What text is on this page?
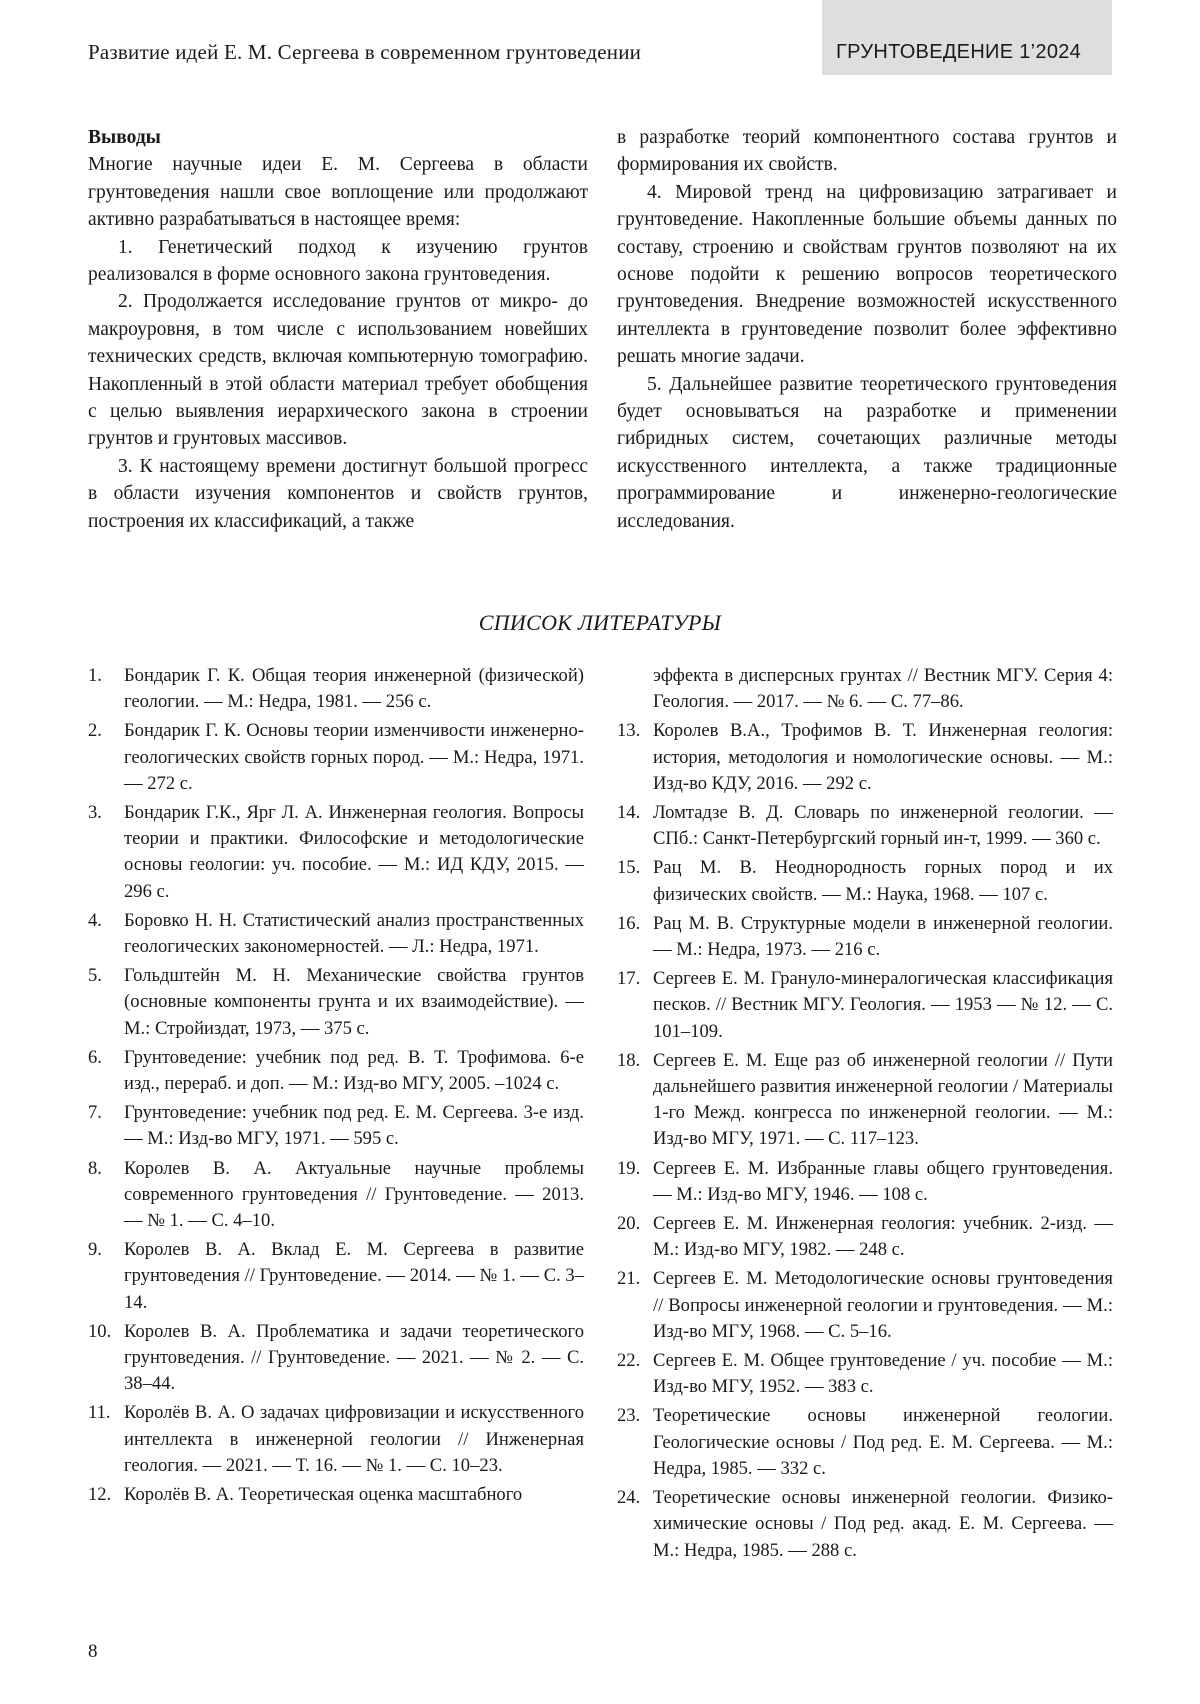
Развитие идей Е. М. Сергеева в современном грунтоведении	ГРУНТОВЕДЕНИЕ 1’2024

Выводы

Многие научные идеи Е. М. Сергеева в области грунтоведения нашли свое воплощение или продолжают активно разрабатываться в настоящее время:

1. Генетический подход к изучению грунтов реализовался в форме основного закона грунтоведения.

2. Продолжается исследование грунтов от микро- до макроуровня, в том числе с использованием новейших технических средств, включая компьютерную томографию. Накопленный в этой области материал требует обобщения с целью выявления иерархического закона в строении грунтов и грунтовых массивов.

3. К настоящему времени достигнут большой прогресс в области изучения компонентов и свойств грунтов, построения их классификаций, а также

в разработке теорий компонентного состава грунтов и формирования их свойств.

4. Мировой тренд на цифровизацию затрагивает и грунтоведение. Накопленные большие объемы данных по составу, строению и свойствам грунтов позволяют на их основе подойти к решению вопросов теоретического грунтоведения. Внедрение возможностей искусственного интеллекта в грунтоведение позволит более эффективно решать многие задачи.

5. Дальнейшее развитие теоретического грунтоведения будет основываться на разработке и применении гибридных систем, сочетающих различные методы искусственного интеллекта, а также традиционные программирование и инженерно-геологические исследования.

СПИСОК ЛИТЕРАТУРЫ
1.	Бондарик Г. К. Общая теория инженерной (физической) геологии. — М.: Недра, 1981. — 256 с.
2.	Бондарик Г. К. Основы теории изменчивости инженерно-геологических свойств горных пород. — М.: Недра, 1971. — 272 с.
3.	Бондарик Г.К., Ярг Л. А. Инженерная геология. Вопросы теории и практики. Философские и методологические основы геологии: уч. пособие. — М.: ИД КДУ, 2015. — 296 с.
4.	Боровко Н. Н. Статистический анализ пространственных геологических закономерностей. — Л.: Недра, 1971.
5.	Гольдштейн М. Н. Механические свойства грунтов (основные компоненты грунта и их взаимодействие). — М.: Стройиздат, 1973, — 375 с.
6.	Грунтоведение: учебник под ред. В. Т. Трофимова. 6-е изд., перераб. и доп. — М.: Изд-во МГУ, 2005. –1024 с.
7.	Грунтоведение: учебник под ред. Е. М. Сергеева. 3-е изд. — М.: Изд-во МГУ, 1971. — 595 с.
8.	Королев В. А. Актуальные научные проблемы современного грунтоведения // Грунтоведение. — 2013. — № 1. — С. 4–10.
9.	Королев В. А. Вклад Е. М. Сергеева в развитие грунтоведения // Грунтоведение. — 2014. — № 1. — С. 3–14.
10. Королев В. А. Проблематика и задачи теоретического грунтоведения. // Грунтоведение. — 2021. — № 2. — С. 38–44.
11. Королёв В. А. О задачах цифровизации и искусственного интеллекта в инженерной геологии // Инженерная геология. — 2021. — Т. 16. — № 1. — С. 10–23.
12. Королёв В. А. Теоретическая оценка масштабного
эффекта в дисперсных грунтах // Вестник МГУ. Серия 4: Геология. — 2017. — № 6. — С. 77–86.
13. Королев В.А., Трофимов В. Т. Инженерная геология: история, методология и номологические основы. — М.: Изд-во КДУ, 2016. — 292 с.
14. Ломтадзе В. Д. Словарь по инженерной геологии. — СПб.: Санкт-Петербургский горный ин-т, 1999. — 360 с.
15. Рац М. В. Неоднородность горных пород и их физических свойств. — М.: Наука, 1968. — 107 с.
16. Рац М. В. Структурные модели в инженерной геологии. — М.: Недра, 1973. — 216 с.
17. Сергеев Е. М. Грануло-минералогическая классификация песков. // Вестник МГУ. Геология. — 1953 — № 12. — С. 101–109.
18. Сергеев Е. М. Еще раз об инженерной геологии // Пути дальнейшего развития инженерной геологии / Материалы 1-го Межд. конгресса по инженерной геологии. — М.: Изд-во МГУ, 1971. — С. 117–123.
19. Сергеев Е. М. Избранные главы общего грунтоведения. — М.: Изд-во МГУ, 1946. — 108 с.
20. Сергеев Е. М. Инженерная геология: учебник. 2-изд. — М.: Изд-во МГУ, 1982. — 248 с.
21. Сергеев Е. М. Методологические основы грунтоведения // Вопросы инженерной геологии и грунтоведения. — М.: Изд-во МГУ, 1968. — С. 5–16.
22. Сергеев Е. М. Общее грунтоведение / уч. пособие — М.: Изд-во МГУ, 1952. — 383 с.
23. Теоретические основы инженерной геологии. Геологические основы / Под ред. Е. М. Сергеева. — М.: Недра, 1985. — 332 с.
24. Теоретические основы инженерной геологии. Физико-химические основы / Под ред. акад. Е. М. Сергеева. — М.: Недра, 1985. — 288 с.
8
